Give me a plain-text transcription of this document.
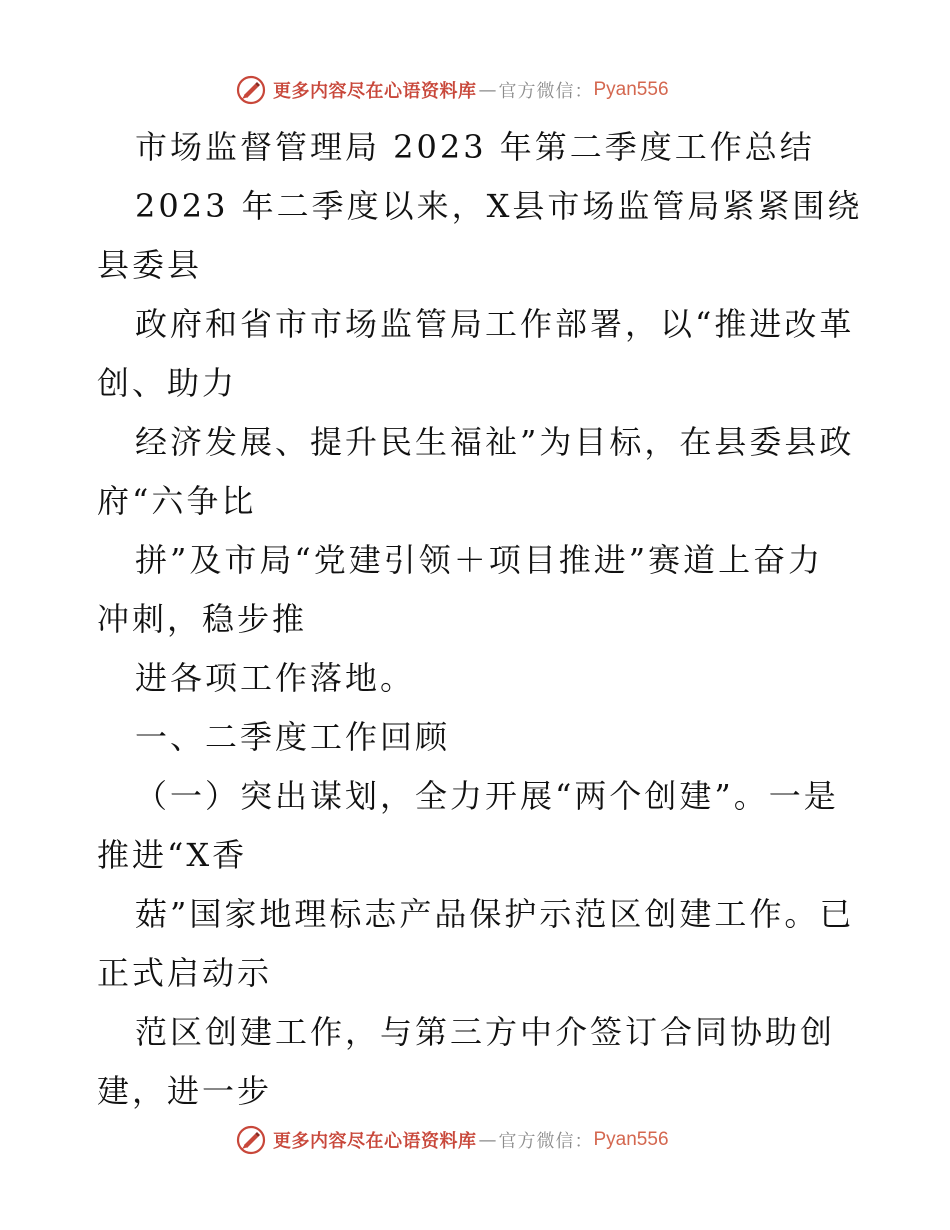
更多内容尽在心语资料库 — 官方微信： Pyan556
市场监督管理局 2023 年第二季度工作总结
2023 年二季度以来，X县市场监管局紧紧围绕
县委县
政府和省市市场监管局工作部署，以“推进改革
创、助力
经济发展、提升民生福祉”为目标，在县委县政
府“六争比
拼”及市局“党建引领＋项目推进”赛道上奋力
冲刺，稳步推
进各项工作落地。
一、二季度工作回顾
（一）突出谋划，全力开展“两个创建”。一是
推进“X香
菇”国家地理标志产品保护示范区创建工作。已
正式启动示
范区创建工作，与第三方中介签订合同协助创
建，进一步
更多内容尽在心语资料库 — 官方微信： Pyan556
